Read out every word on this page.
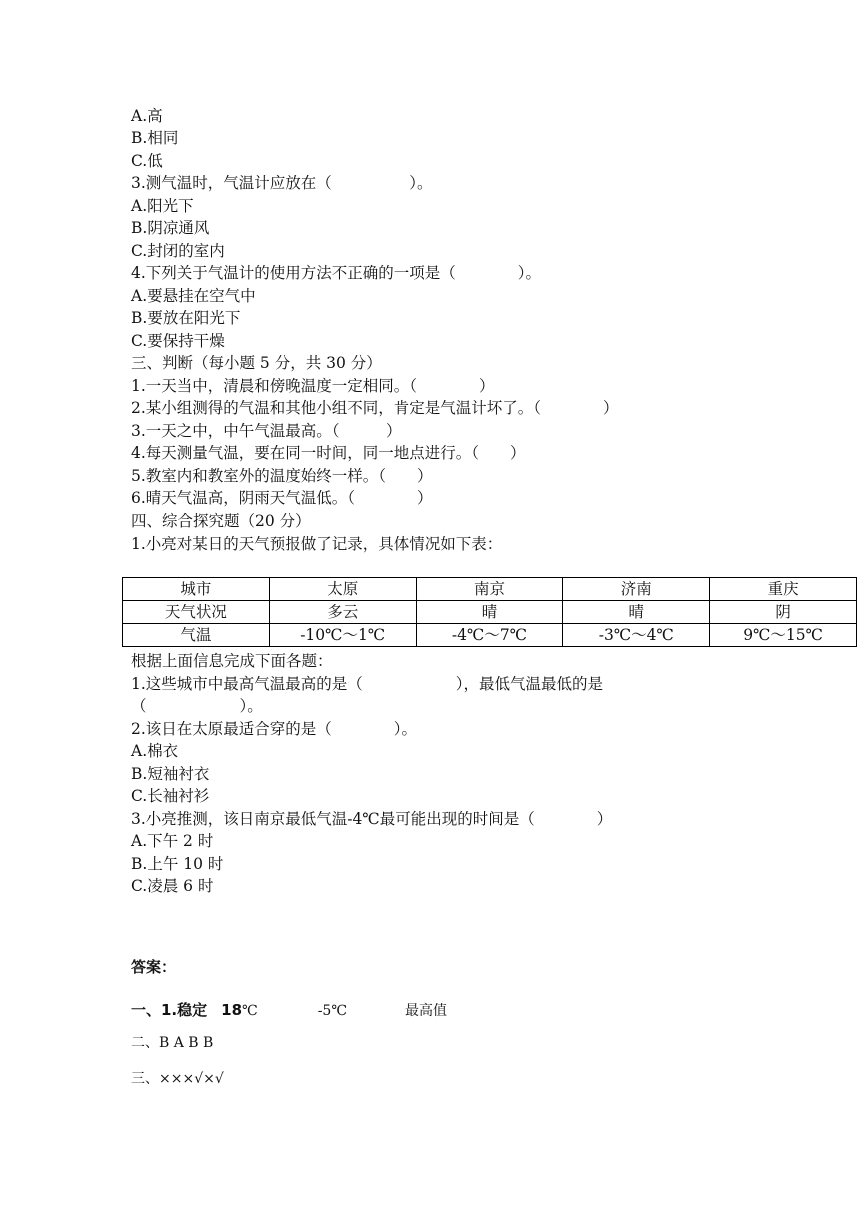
A.高
B.相同
C.低
3.测气温时，气温计应放在（　　　　　）。
A.阳光下
B.阴凉通风
C.封闭的室内
4.下列关于气温计的使用方法不正确的一项是（　　　　）。
A.要悬挂在空气中
B.要放在阳光下
C.要保持干燥
三、判断（每小题 5 分，共 30 分）
1.一天当中，清晨和傍晚温度一定相同。（　　　　）
2.某小组测得的气温和其他小组不同，肯定是气温计坏了。（　　　　）
3.一天之中，中午气温最高。（　　　）
4.每天测量气温，要在同一时间，同一地点进行。（　　）
5.教室内和教室外的温度始终一样。（　　）
6.晴天气温高，阴雨天气温低。（　　　　）
四、综合探究题（20 分）
1.小亮对某日的天气预报做了记录，具体情况如下表：
城市	太原	南京	济南	重庆
天气状况	多云	晴	晴	阴
气温	-10℃～1℃	-4℃～7℃	-3℃～4℃	9℃～15℃
根据上面信息完成下面各题：
1.这些城市中最高气温最高的是（　　　　　　），最低气温最低的是
（　　　　　　）。
2.该日在太原最适合穿的是（　　　　）。
A.棉衣
B.短袖衬衣
C.长袖衬衫
3.小亮推测，该日南京最低气温-4℃最可能出现的时间是（　　　　）
A.下午 2 时
B.上午 10 时
C.凌晨 6 时
答案：
一、1.稳定 18℃	-5℃	最高值
二、B A B B
三、×××√×√
